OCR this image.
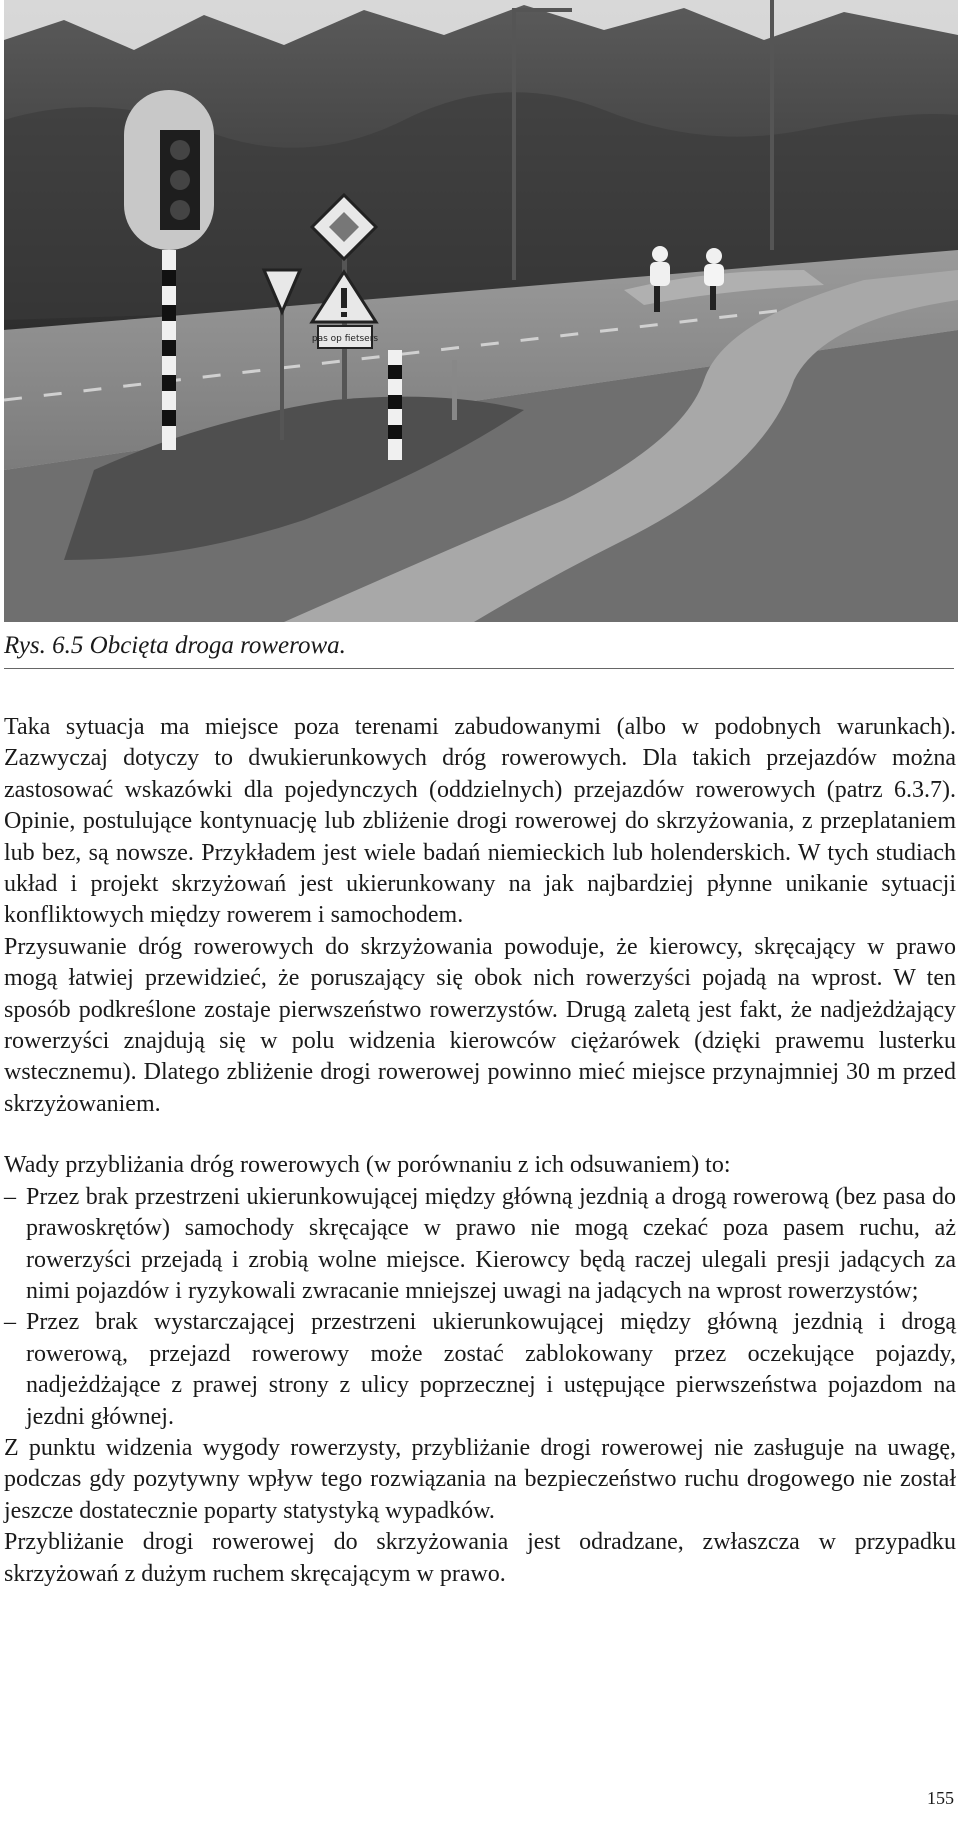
pas op fietsers
Rys. 6.5 Obcięta droga rowerowa.

Taka sytuacja ma miejsce poza terenami zabudowanymi (albo w podobnych warunkach). Zazwyczaj dotyczy to dwukierunkowych dróg rowerowych. Dla takich przejazdów można zastosować wskazówki dla pojedynczych (oddzielnych) przejazdów rowerowych (patrz 6.3.7). Opinie, postulujące kontynuację lub zbliżenie drogi rowerowej do skrzyżowania, z przeplataniem lub bez, są nowsze. Przykładem jest wiele badań niemieckich lub holenderskich. W tych studiach układ i projekt skrzyżowań jest ukierunkowany na jak najbardziej płynne unikanie sytuacji konfliktowych między rowerem i samochodem.

Przysuwanie dróg rowerowych do skrzyżowania powoduje, że kierowcy, skręcający w prawo mogą łatwiej przewidzieć, że poruszający się obok nich rowerzyści pojadą na wprost. W ten sposób podkreślone zostaje pierwszeństwo rowerzystów. Drugą zaletą jest fakt, że nadjeżdżający rowerzyści znajdują się w polu widzenia kierowców ciężarówek (dzięki prawemu lusterku wstecznemu). Dlatego zbliżenie drogi rowerowej powinno mieć miejsce przynajmniej 30 m przed skrzyżowaniem.

Wady przybliżania dróg rowerowych (w porównaniu z ich odsuwaniem) to:

– Przez brak przestrzeni ukierunkowującej między główną jezdnią a drogą rowerową (bez pasa do prawoskrętów) samochody skręcające w prawo nie mogą czekać poza pasem ruchu, aż rowerzyści przejadą i zrobią wolne miejsce. Kierowcy będą raczej ulegali presji jadących za nimi pojazdów i ryzykowali zwracanie mniejszej uwagi na jadących na wprost rowerzystów;
– Przez brak wystarczającej przestrzeni ukierunkowującej między główną jezdnią i drogą rowerową, przejazd rowerowy może zostać zablokowany przez oczekujące pojazdy, nadjeżdżające z prawej strony z ulicy poprzecznej i ustępujące pierwszeństwa pojazdom na jezdni głównej.

Z punktu widzenia wygody rowerzysty, przybliżanie drogi rowerowej nie zasługuje na uwagę, podczas gdy pozytywny wpływ tego rozwiązania na bezpieczeństwo ruchu drogowego nie został jeszcze dostatecznie poparty statystyką wypadków.

Przybliżanie drogi rowerowej do skrzyżowania jest odradzane, zwłaszcza w przypadku skrzyżowań z dużym ruchem skręcającym w prawo.

155
